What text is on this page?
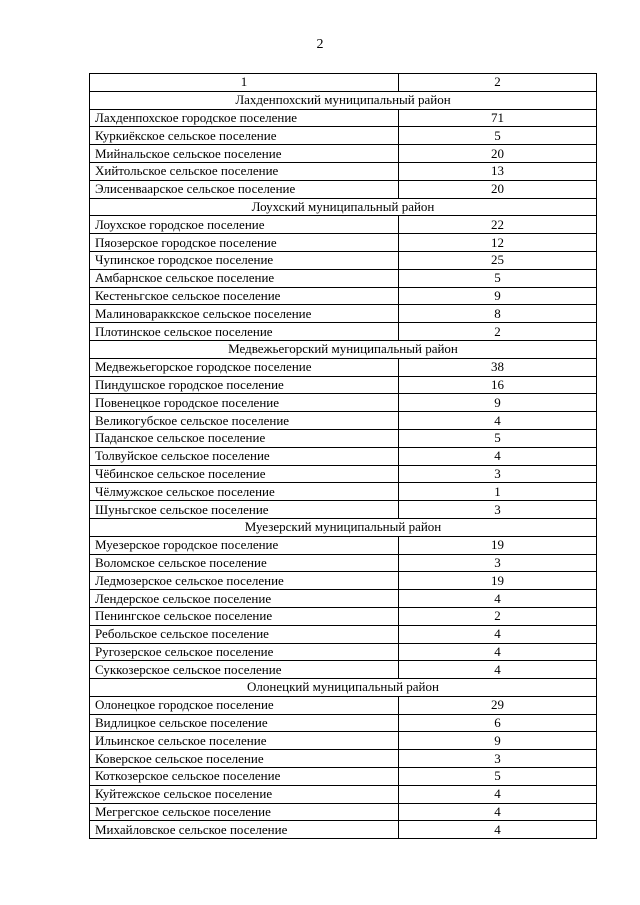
2
1	2
Лахденпохский муниципальный район	
Лахденпохское городское поселение	71
Куркиёкское сельское поселение	5
Мийнальское сельское поселение	20
Хийтольское сельское поселение	13
Элисенваарское сельское поселение	20
Лоухский муниципальный район	
Лоухское городское поселение	22
Пяозерское городское поселение	12
Чупинское городское поселение	25
Амбарнское сельское поселение	5
Кестеньгское сельское поселение	9
Малиновараккское сельское поселение	8
Плотинское сельское поселение	2
Медвежьегорский муниципальный район	
Медвежьегорское городское поселение	38
Пиндушское городское поселение	16
Повенецкое городское поселение	9
Великогубское сельское поселение	4
Паданское сельское поселение	5
Толвуйское сельское поселение	4
Чёбинское сельское поселение	3
Чёлмужское сельское поселение	1
Шуньгское сельское поселение	3
Муезерский муниципальный район	
Муезерское городское поселение	19
Воломское сельское поселение	3
Ледмозерское сельское поселение	19
Лендерское сельское поселение	4
Пенингское сельское поселение	2
Ребольское сельское поселение	4
Ругозерское сельское поселение	4
Суккозерское сельское поселение	4
Олонецкий муниципальный район	
Олонецкое городское поселение	29
Видлицкое сельское поселение	6
Ильинское сельское поселение	9
Коверское сельское поселение	3
Коткозерское сельское поселение	5
Куйтежское сельское поселение	4
Мегрегское сельское поселение	4
Михайловское сельское поселение	4
